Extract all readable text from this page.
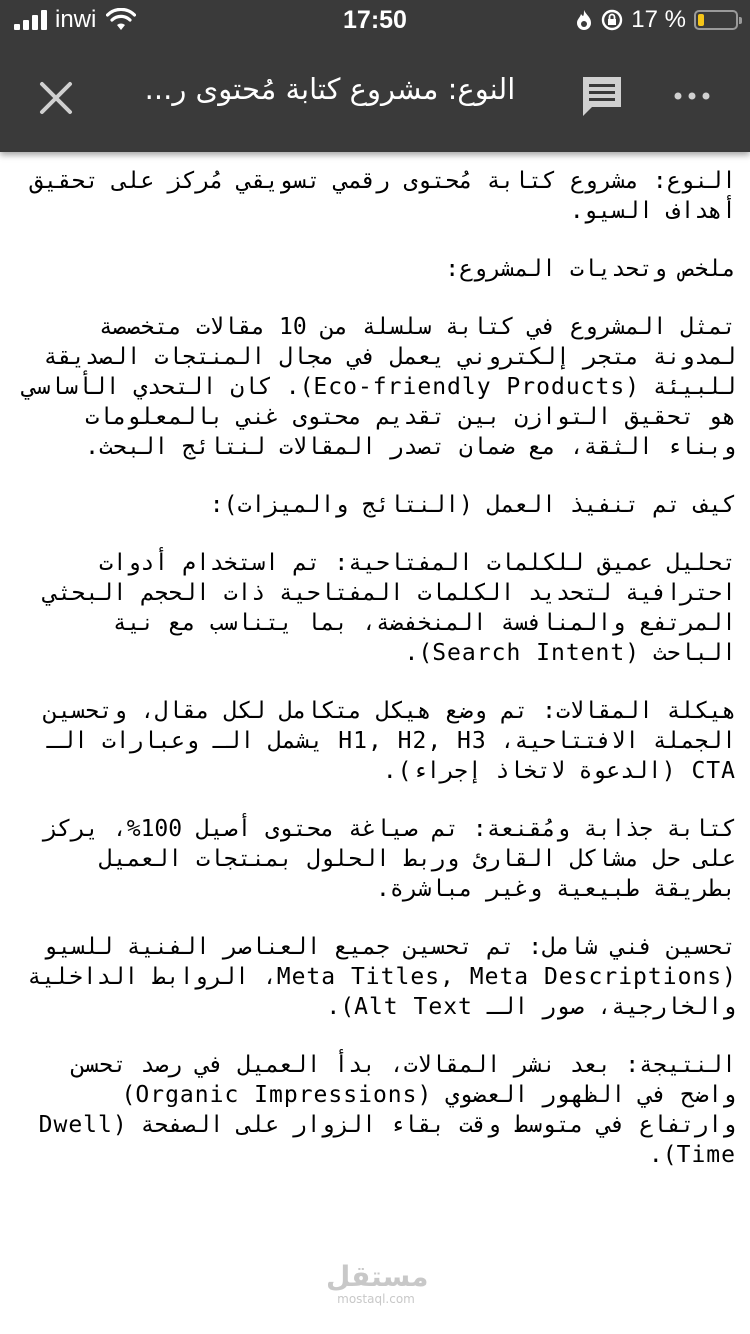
inwi	17:50	17 %
النوع: مشروع كتابة مُحتوى ر...

النوع: مشروع كتابة مُحتوى رقمي تسويقي مُركز على تحقيق أهداف السيو.

ملخص وتحديات المشروع:

تمثل المشروع في كتابة سلسلة من 10 مقالات متخصصة لمدونة متجر إلكتروني يعمل في مجال المنتجات الصديقة للبيئة (Eco-friendly Products). كان التحدي الأساسي هو تحقيق التوازن بين تقديم محتوى غني بالمعلومات وبناء الثقة، مع ضمان تصدر المقالات لنتائج البحث.

كيف تم تنفيذ العمل (النتائج والميزات):

تحليل عميق للكلمات المفتاحية: تم استخدام أدوات احترافية لتحديد الكلمات المفتاحية ذات الحجم البحثي المرتفع والمنافسة المنخفضة، بما يتناسب مع نية الباحث (Search Intent).

هيكلة المقالات: تم وضع هيكل متكامل لكل مقال، وتحسين الجملة الافتتاحية، H1, H2, H3 يشمل الـ وعبارات الـ CTA (الدعوة لاتخاذ إجراء).

كتابة جذابة ومُقنعة: تم صياغة محتوى أصيل 100%، يركز على حل مشاكل القارئ وربط الحلول بمنتجات العميل بطريقة طبيعية وغير مباشرة.

تحسين فني شامل: تم تحسين جميع العناصر الفنية للسيو (Meta Titles, Meta Descriptions، الروابط الداخلية والخارجية، صور الـ Alt Text).

النتيجة: بعد نشر المقالات، بدأ العميل في رصد تحسن واضح في الظهور العضوي (Organic Impressions) وارتفاع في متوسط وقت بقاء الزوار على الصفحة (Dwell Time).

مستقل
mostaql.com
